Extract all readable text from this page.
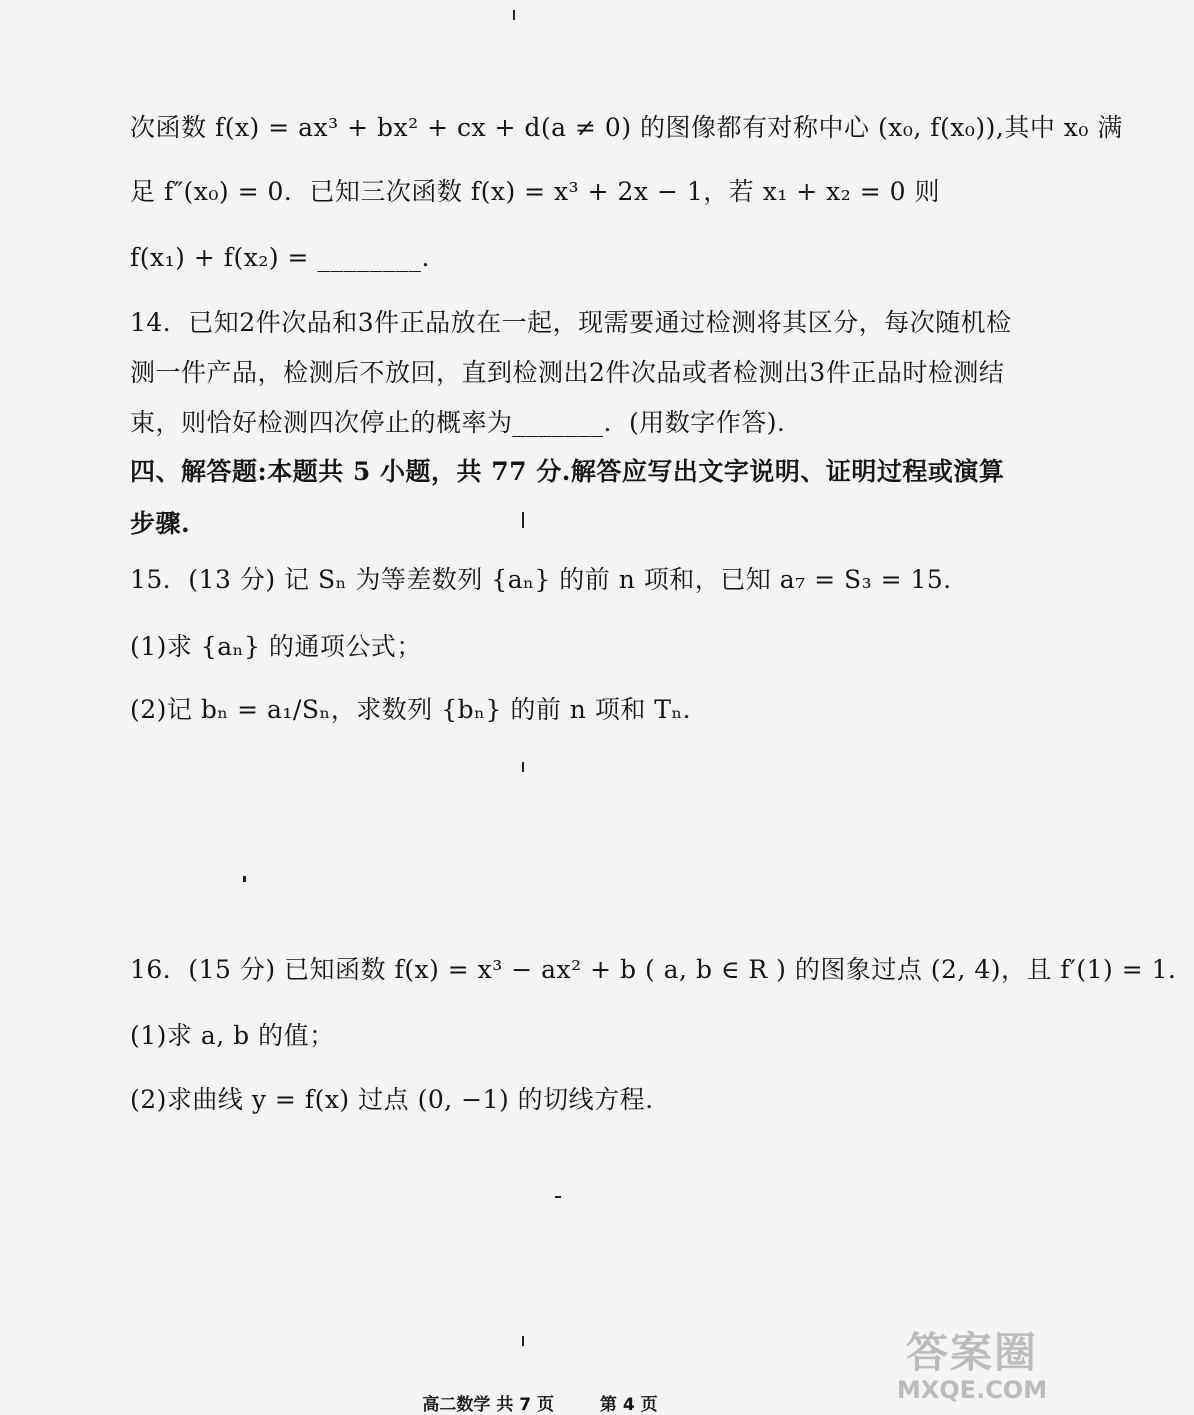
次函数 f(x) = ax³ + bx² + cx + d(a ≠ 0) 的图像都有对称中心 (x₀, f(x₀)),其中 x₀ 满
足 f″(x₀) = 0．已知三次函数 f(x) = x³ + 2x − 1，若 x₁ + x₂ = 0 则
f(x₁) + f(x₂) = ________.
14．已知2件次品和3件正品放在一起，现需要通过检测将其区分，每次随机检
测一件产品，检测后不放回，直到检测出2件次品或者检测出3件正品时检测结
束，则恰好检测四次停止的概率为_______．(用数字作答)．
四、解答题:本题共 5 小题，共 77 分.解答应写出文字说明、证明过程或演算
步骤.
15．(13 分) 记 Sₙ 为等差数列 {aₙ} 的前 n 项和，已知 a₇ = S₃ = 15．
(1)求 {aₙ} 的通项公式；
(2)记 bₙ = a₁/Sₙ，求数列 {bₙ} 的前 n 项和 Tₙ．
16．(15 分) 已知函数 f(x) = x³ − ax² + b ( a, b ∈ R ) 的图象过点 (2, 4)，且 f′(1) = 1．
(1)求 a, b 的值；
(2)求曲线 y = f(x) 过点 (0, −1) 的切线方程.
高二数学 共 7 页	第 4 页
答案圈
MXQE.COM
